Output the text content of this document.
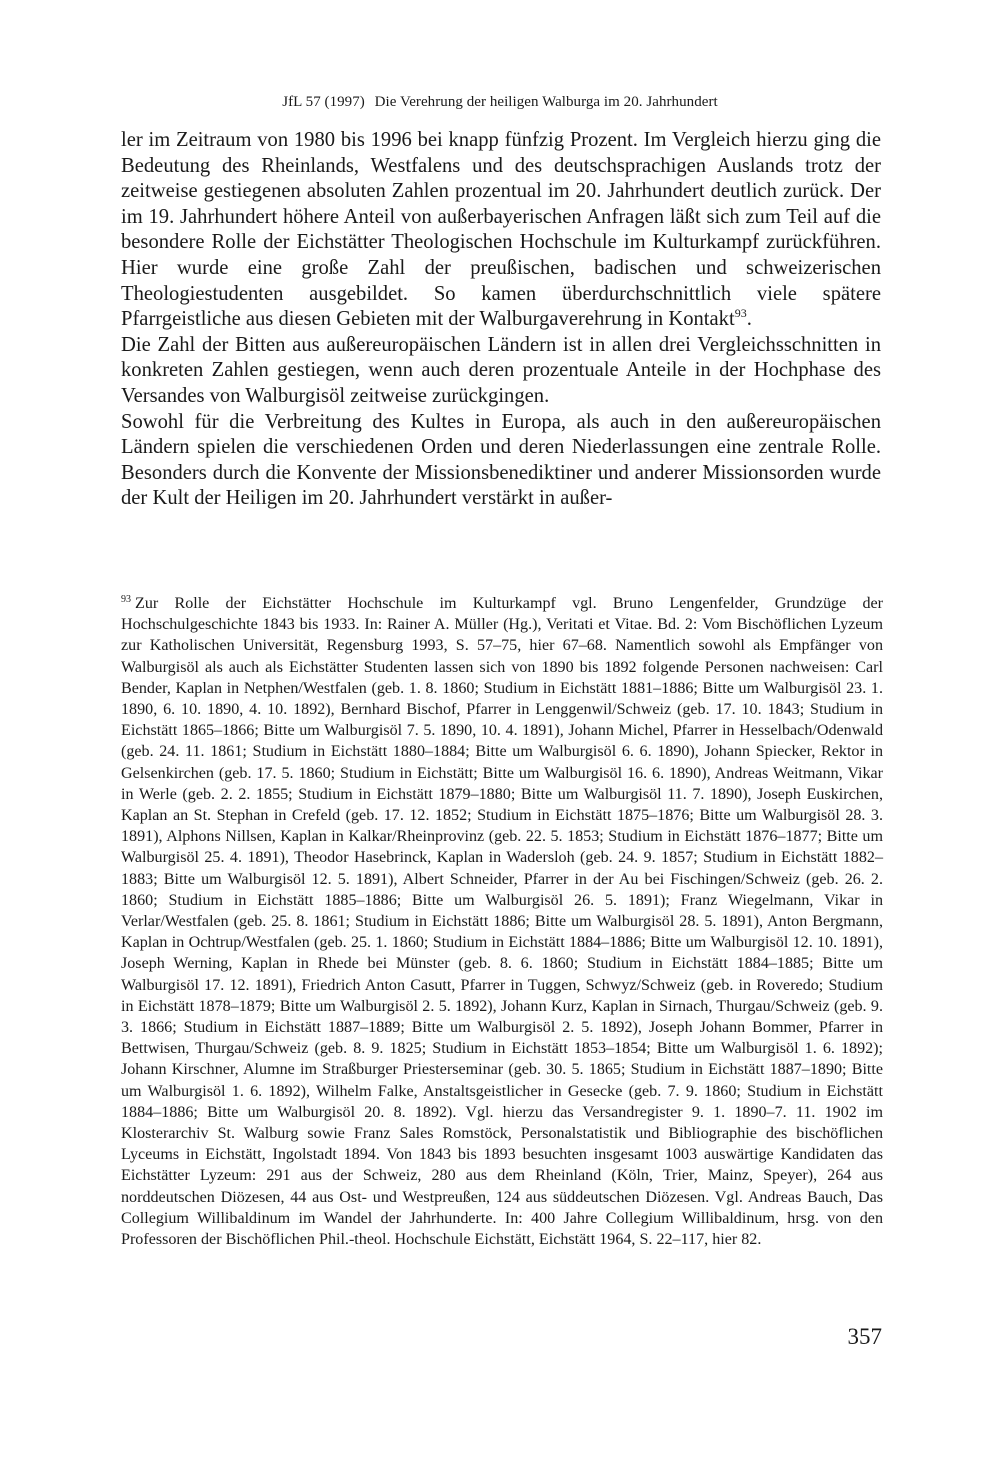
JfL 57 (1997) Die Verehrung der heiligen Walburga im 20. Jahrhundert

ler im Zeitraum von 1980 bis 1996 bei knapp fünfzig Prozent. Im Vergleich hierzu ging die Bedeutung des Rheinlands, Westfalens und des deutschsprachigen Auslands trotz der zeitweise gestiegenen absoluten Zahlen prozentual im 20. Jahrhundert deutlich zurück. Der im 19. Jahrhundert höhere Anteil von außerbayerischen Anfragen läßt sich zum Teil auf die besondere Rolle der Eichstätter Theologischen Hochschule im Kulturkampf zurückführen. Hier wurde eine große Zahl der preußischen, badischen und schweizerischen Theologiestudenten ausgebildet. So kamen überdurchschnittlich viele spätere Pfarrgeistliche aus diesen Gebieten mit der Walburgaverehrung in Kontakt$^{93}$.

Die Zahl der Bitten aus außereuropäischen Ländern ist in allen drei Vergleichsschnitten in konkreten Zahlen gestiegen, wenn auch deren prozentuale Anteile in der Hochphase des Versandes von Walburgisöl zeitweise zurückgingen.

Sowohl für die Verbreitung des Kultes in Europa, als auch in den außereuropäischen Ländern spielen die verschiedenen Orden und deren Niederlassungen eine zentrale Rolle. Besonders durch die Konvente der Missionsbenediktiner und anderer Missionsorden wurde der Kult der Heiligen im 20. Jahrhundert verstärkt in außer-

$^{93}$ Zur Rolle der Eichstätter Hochschule im Kulturkampf vgl. Bruno Lengenfelder, Grundzüge der Hochschulgeschichte 1843 bis 1933. In: Rainer A. Müller (Hg.), Veritati et Vitae. Bd. 2: Vom Bischöflichen Lyzeum zur Katholischen Universität, Regensburg 1993, S. 57–75, hier 67–68. Namentlich sowohl als Empfänger von Walburgisöl als auch als Eichstätter Studenten lassen sich von 1890 bis 1892 folgende Personen nachweisen: Carl Bender, Kaplan in Netphen/Westfalen (geb. 1. 8. 1860; Studium in Eichstätt 1881–1886; Bitte um Walburgisöl 23. 1. 1890, 6. 10. 1890, 4. 10. 1892), Bernhard Bischof, Pfarrer in Lenggenwil/Schweiz (geb. 17. 10. 1843; Studium in Eichstätt 1865–1866; Bitte um Walburgisöl 7. 5. 1890, 10. 4. 1891), Johann Michel, Pfarrer in Hesselbach/Odenwald (geb. 24. 11. 1861; Studium in Eichstätt 1880–1884; Bitte um Walburgisöl 6. 6. 1890), Johann Spiecker, Rektor in Gelsenkirchen (geb. 17. 5. 1860; Studium in Eichstätt; Bitte um Walburgisöl 16. 6. 1890), Andreas Weitmann, Vikar in Werle (geb. 2. 2. 1855; Studium in Eichstätt 1879–1880; Bitte um Walburgisöl 11. 7. 1890), Joseph Euskirchen, Kaplan an St. Stephan in Crefeld (geb. 17. 12. 1852; Studium in Eichstätt 1875–1876; Bitte um Walburgisöl 28. 3. 1891), Alphons Nillsen, Kaplan in Kalkar/Rheinprovinz (geb. 22. 5. 1853; Studium in Eichstätt 1876–1877; Bitte um Walburgisöl 25. 4. 1891), Theodor Hasebrinck, Kaplan in Wadersloh (geb. 24. 9. 1857; Studium in Eichstätt 1882–1883; Bitte um Walburgisöl 12. 5. 1891), Albert Schneider, Pfarrer in der Au bei Fischingen/Schweiz (geb. 26. 2. 1860; Studium in Eichstätt 1885–1886; Bitte um Walburgisöl 26. 5. 1891); Franz Wiegelmann, Vikar in Verlar/Westfalen (geb. 25. 8. 1861; Studium in Eichstätt 1886; Bitte um Walburgisöl 28. 5. 1891), Anton Bergmann, Kaplan in Ochtrup/Westfalen (geb. 25. 1. 1860; Studium in Eichstätt 1884–1886; Bitte um Walburgisöl 12. 10. 1891), Joseph Werning, Kaplan in Rhede bei Münster (geb. 8. 6. 1860; Studium in Eichstätt 1884–1885; Bitte um Walburgisöl 17. 12. 1891), Friedrich Anton Casutt, Pfarrer in Tuggen, Schwyz/Schweiz (geb. in Roveredo; Studium in Eichstätt 1878–1879; Bitte um Walburgisöl 2. 5. 1892), Johann Kurz, Kaplan in Sirnach, Thurgau/Schweiz (geb. 9. 3. 1866; Studium in Eichstätt 1887–1889; Bitte um Walburgisöl 2. 5. 1892), Joseph Johann Bommer, Pfarrer in Bettwisen, Thurgau/Schweiz (geb. 8. 9. 1825; Studium in Eichstätt 1853–1854; Bitte um Walburgisöl 1. 6. 1892); Johann Kirschner, Alumne im Straßburger Priesterseminar (geb. 30. 5. 1865; Studium in Eichstätt 1887–1890; Bitte um Walburgisöl 1. 6. 1892), Wilhelm Falke, Anstaltsgeistlicher in Gesecke (geb. 7. 9. 1860; Studium in Eichstätt 1884–1886; Bitte um Walburgisöl 20. 8. 1892). Vgl. hierzu das Versandregister 9. 1. 1890–7. 11. 1902 im Klosterarchiv St. Walburg sowie Franz Sales Romstöck, Personalstatistik und Bibliographie des bischöflichen Lyceums in Eichstätt, Ingolstadt 1894. Von 1843 bis 1893 besuchten insgesamt 1003 auswärtige Kandidaten das Eichstätter Lyzeum: 291 aus der Schweiz, 280 aus dem Rheinland (Köln, Trier, Mainz, Speyer), 264 aus norddeutschen Diözesen, 44 aus Ost- und Westpreußen, 124 aus süddeutschen Diözesen. Vgl. Andreas Bauch, Das Collegium Willibaldinum im Wandel der Jahrhunderte. In: 400 Jahre Collegium Willibaldinum, hrsg. von den Professoren der Bischöflichen Phil.-theol. Hochschule Eichstätt, Eichstätt 1964, S. 22–117, hier 82.

357
